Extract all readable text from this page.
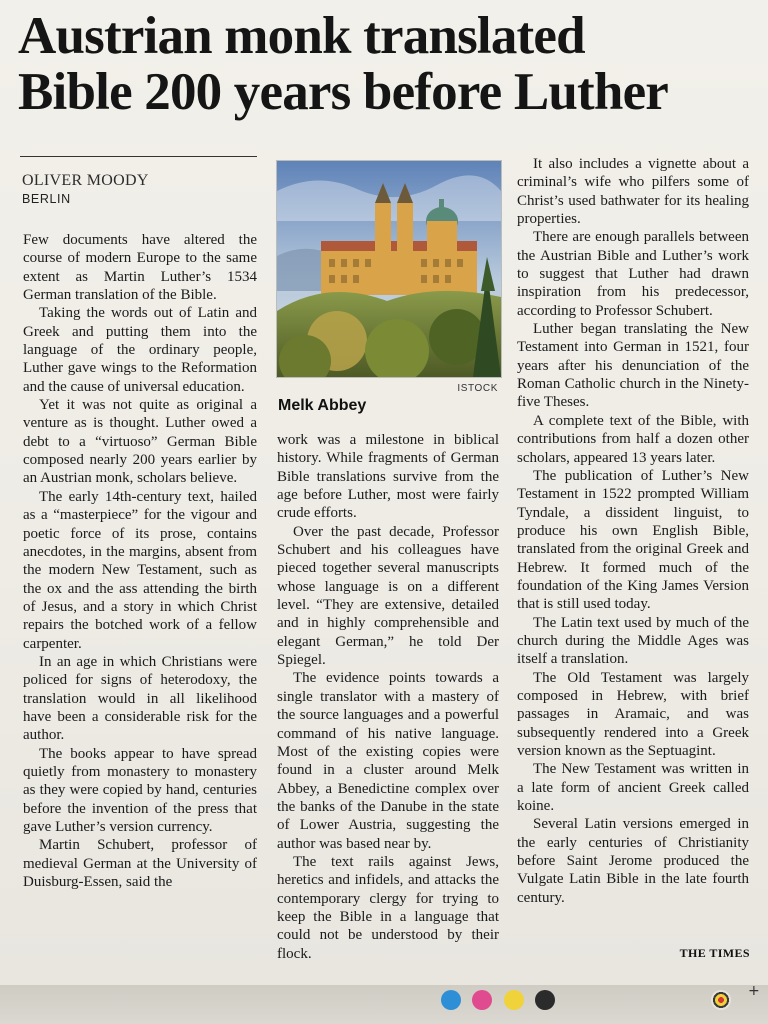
Austrian monk translated
Bible 200 years before Luther
OLIVER MOODY
BERLIN

Few documents have altered the course of modern Europe to the same extent as Martin Luther’s 1534 German translation of the Bible.

Taking the words out of Latin and Greek and putting them into the language of the ordinary people, Luther gave wings to the Reformation and the cause of universal education.

Yet it was not quite as original a venture as is thought. Luther owed a debt to a “virtuoso” German Bible composed nearly 200 years earlier by an Austrian monk, scholars believe.

The early 14th-century text, hailed as a “masterpiece” for the vigour and poetic force of its prose, contains anecdotes, in the margins, absent from the modern New Testament, such as the ox and the ass attending the birth of Jesus, and a story in which Christ repairs the botched work of a fellow carpenter.

In an age in which Christians were policed for signs of heterodoxy, the translation would in all likelihood have been a considerable risk for the author.

The books appear to have spread quietly from monastery to monastery as they were copied by hand, centuries before the invention of the press that gave Luther’s version currency.

Martin Schubert, professor of medieval German at the University of Duisburg-Essen, said the

ISTOCK
Melk Abbey

work was a milestone in biblical history. While fragments of German Bible translations survive from the age before Luther, most were fairly crude efforts.

Over the past decade, Professor Schubert and his colleagues have pieced together several manuscripts whose language is on a different level. “They are extensive, detailed and in highly comprehensible and elegant German,” he told Der Spiegel.

The evidence points towards a single translator with a mastery of the source languages and a powerful command of his native language. Most of the existing copies were found in a cluster around Melk Abbey, a Benedictine complex over the banks of the Danube in the state of Lower Austria, suggesting the author was based near by.

The text rails against Jews, heretics and infidels, and attacks the contemporary clergy for trying to keep the Bible in a language that could not be understood by their flock.

It also includes a vignette about a criminal’s wife who pilfers some of Christ’s used bathwater for its healing properties.

There are enough parallels between the Austrian Bible and Luther’s work to suggest that Luther had drawn inspiration from his predecessor, according to Professor Schubert.

Luther began translating the New Testament into German in 1521, four years after his denunciation of the Roman Catholic church in the Ninety-five Theses.

A complete text of the Bible, with contributions from half a dozen other scholars, appeared 13 years later.

The publication of Luther’s New Testament in 1522 prompted William Tyndale, a dissident linguist, to produce his own English Bible, translated from the original Greek and Hebrew. It formed much of the foundation of the King James Version that is still used today.

The Latin text used by much of the church during the Middle Ages was itself a translation.

The Old Testament was largely composed in Hebrew, with brief passages in Aramaic, and was subsequently rendered into a Greek version known as the Septuagint.

The New Testament was written in a late form of ancient Greek called koine.

Several Latin versions emerged in the early centuries of Christianity before Saint Jerome produced the Vulgate Latin Bible in the late fourth century.

THE TIMES
+
